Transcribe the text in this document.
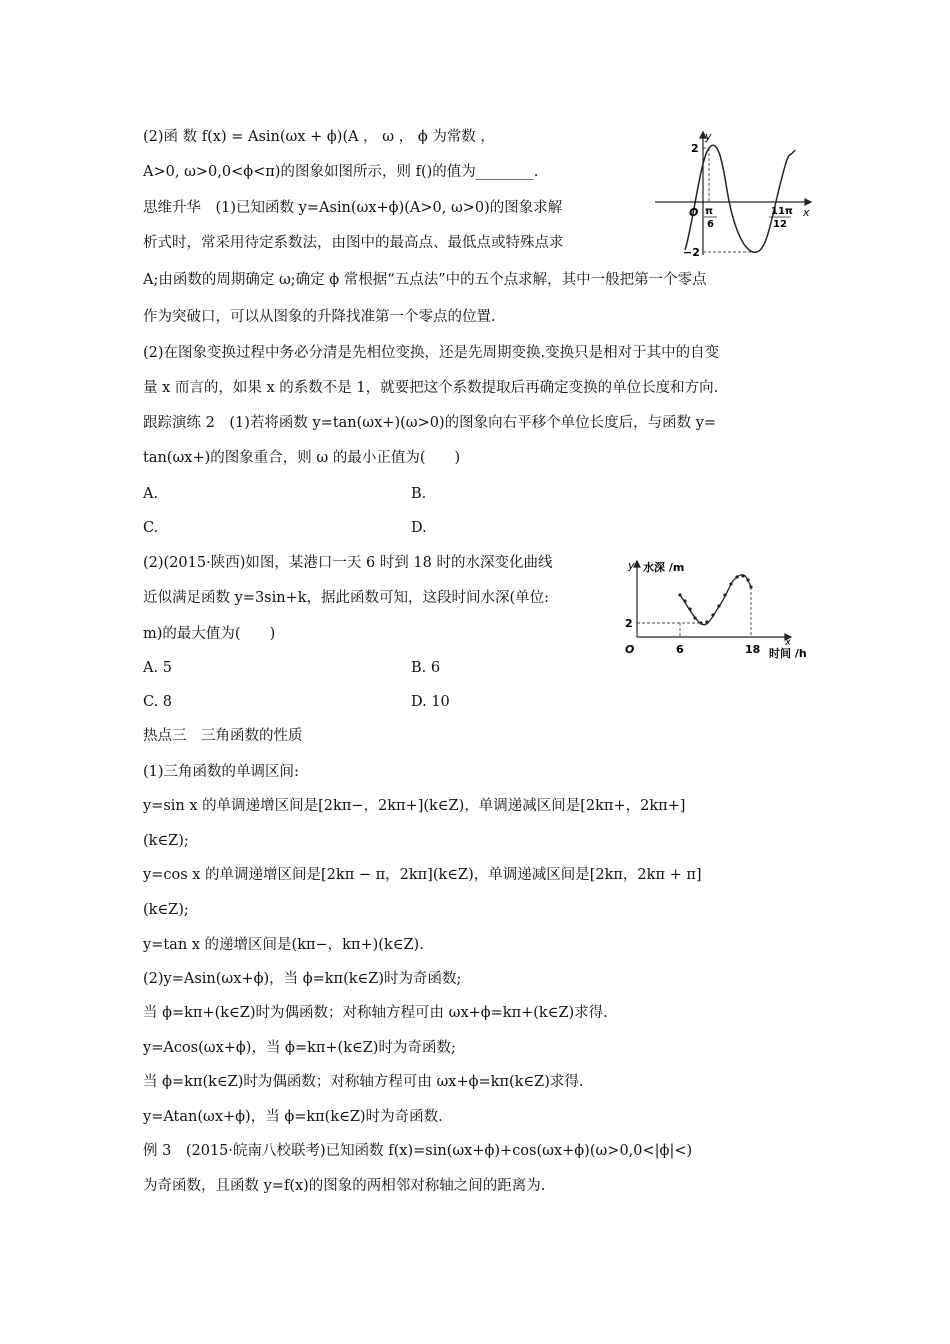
(2)函 数 f(x) = Asin(ωx + ϕ)(A ， ω ， ϕ 为常数 ，
A>0, ω>0,0<ϕ<π)的图象如图所示，则 f()的值为________.
思维升华　(1)已知函数 y=Asin(ωx+ϕ)(A>0, ω>0)的图象求解
析式时，常采用待定系数法，由图中的最高点、最低点或特殊点求
A;由函数的周期确定 ω;确定 ϕ 常根据“五点法”中的五个点求解，其中一般把第一个零点
作为突破口，可以从图象的升降找准第一个零点的位置.
(2)在图象变换过程中务必分清是先相位变换，还是先周期变换.变换只是相对于其中的自变
量 x 而言的，如果 x 的系数不是 1，就要把这个系数提取后再确定变换的单位长度和方向.
跟踪演练 2　(1)若将函数 y=tan(ωx+)(ω>0)的图象向右平移个单位长度后，与函数 y=
tan(ωx+)的图象重合，则 ω 的最小正值为(　　)
A.	B.
C.	D.
(2)(2015·陕西)如图，某港口一天 6 时到 18 时的水深变化曲线
近似满足函数 y=3sin+k，据此函数可知，这段时间水深(单位:
m)的最大值为(　　)
A. 5	B. 6
C. 8	D. 10
热点三　三角函数的性质
(1)三角函数的单调区间:
y=sin x 的单调递增区间是[2kπ−，2kπ+](k∈Z)，单调递减区间是[2kπ+，2kπ+]
(k∈Z);
y=cos x 的单调递增区间是[2kπ − π，2kπ](k∈Z)，单调递减区间是[2kπ，2kπ + π]
(k∈Z);
y=tan x 的递增区间是(kπ−，kπ+)(k∈Z).
(2)y=Asin(ωx+ϕ)，当 ϕ=kπ(k∈Z)时为奇函数;
当 ϕ=kπ+(k∈Z)时为偶函数；对称轴方程可由 ωx+ϕ=kπ+(k∈Z)求得.
y=Acos(ωx+ϕ)，当 ϕ=kπ+(k∈Z)时为奇函数;
当 ϕ=kπ(k∈Z)时为偶函数；对称轴方程可由 ωx+ϕ=kπ(k∈Z)求得.
y=Atan(ωx+ϕ)，当 ϕ=kπ(k∈Z)时为奇函数.
例 3　(2015·皖南八校联考)已知函数 f(x)=sin(ωx+ϕ)+cos(ωx+ϕ)(ω>0,0<|ϕ|<)
为奇函数，且函数 y=f(x)的图象的两相邻对称轴之间的距离为.
y
x
O
2
−2
π
6
11π
12
y 水深 /m
x
时间 /h
O
2
6	18
